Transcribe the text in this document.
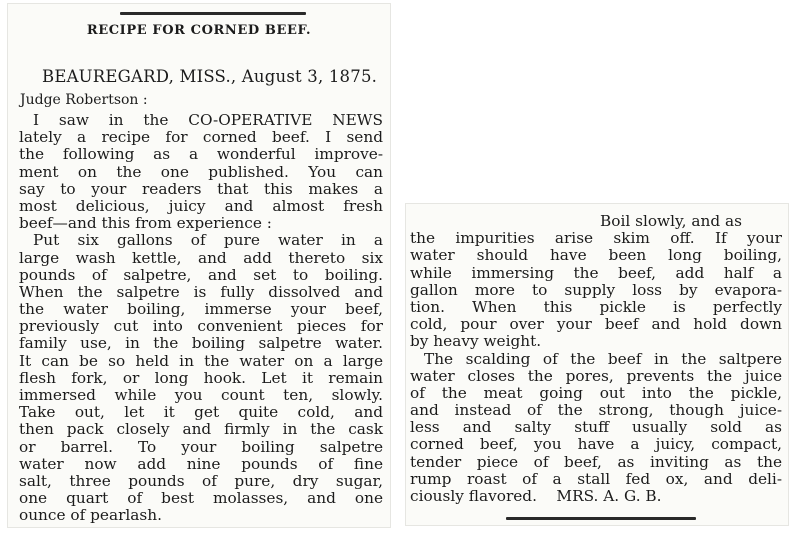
RECIPE FOR CORNED BEEF.
BEAUREGARD, MISS., August 3, 1875.
Judge Robertson :
I saw in the CO-OPERATIVE NEWS
lately a recipe for corned beef. I send
the following as a wonderful improve-
ment on the one published. You can
say to your readers that this makes a
most delicious, juicy and almost fresh
beef—and this from experience :
Put six gallons of pure water in a
large wash kettle, and add thereto six
pounds of salpetre, and set to boiling.
When the salpetre is fully dissolved and
the water boiling, immerse your beef,
previously cut into convenient pieces for
family use, in the boiling salpetre water.
It can be so held in the water on a large
flesh fork, or long hook. Let it remain
immersed while you count ten, slowly.
Take out, let it get quite cold, and
then pack closely and firmly in the cask
or barrel. To your boiling salpetre
water now add nine pounds of fine
salt, three pounds of pure, dry sugar,
one quart of best molasses, and one
ounce of pearlash.
Boil slowly, and as
the impurities arise skim off. If your
water should have been long boiling,
while immersing the beef, add half a
gallon more to supply loss by evapora-
tion. When this pickle is perfectly
cold, pour over your beef and hold down
by heavy weight.
The scalding of the beef in the saltpere
water closes the pores, prevents the juice
of the meat going out into the pickle,
and instead of the strong, though juice-
less and salty stuff usually sold as
corned beef, you have a juicy, compact,
tender piece of beef, as inviting as the
rump roast of a stall fed ox, and deli-
ciously flavored.    MRS. A. G. B.
